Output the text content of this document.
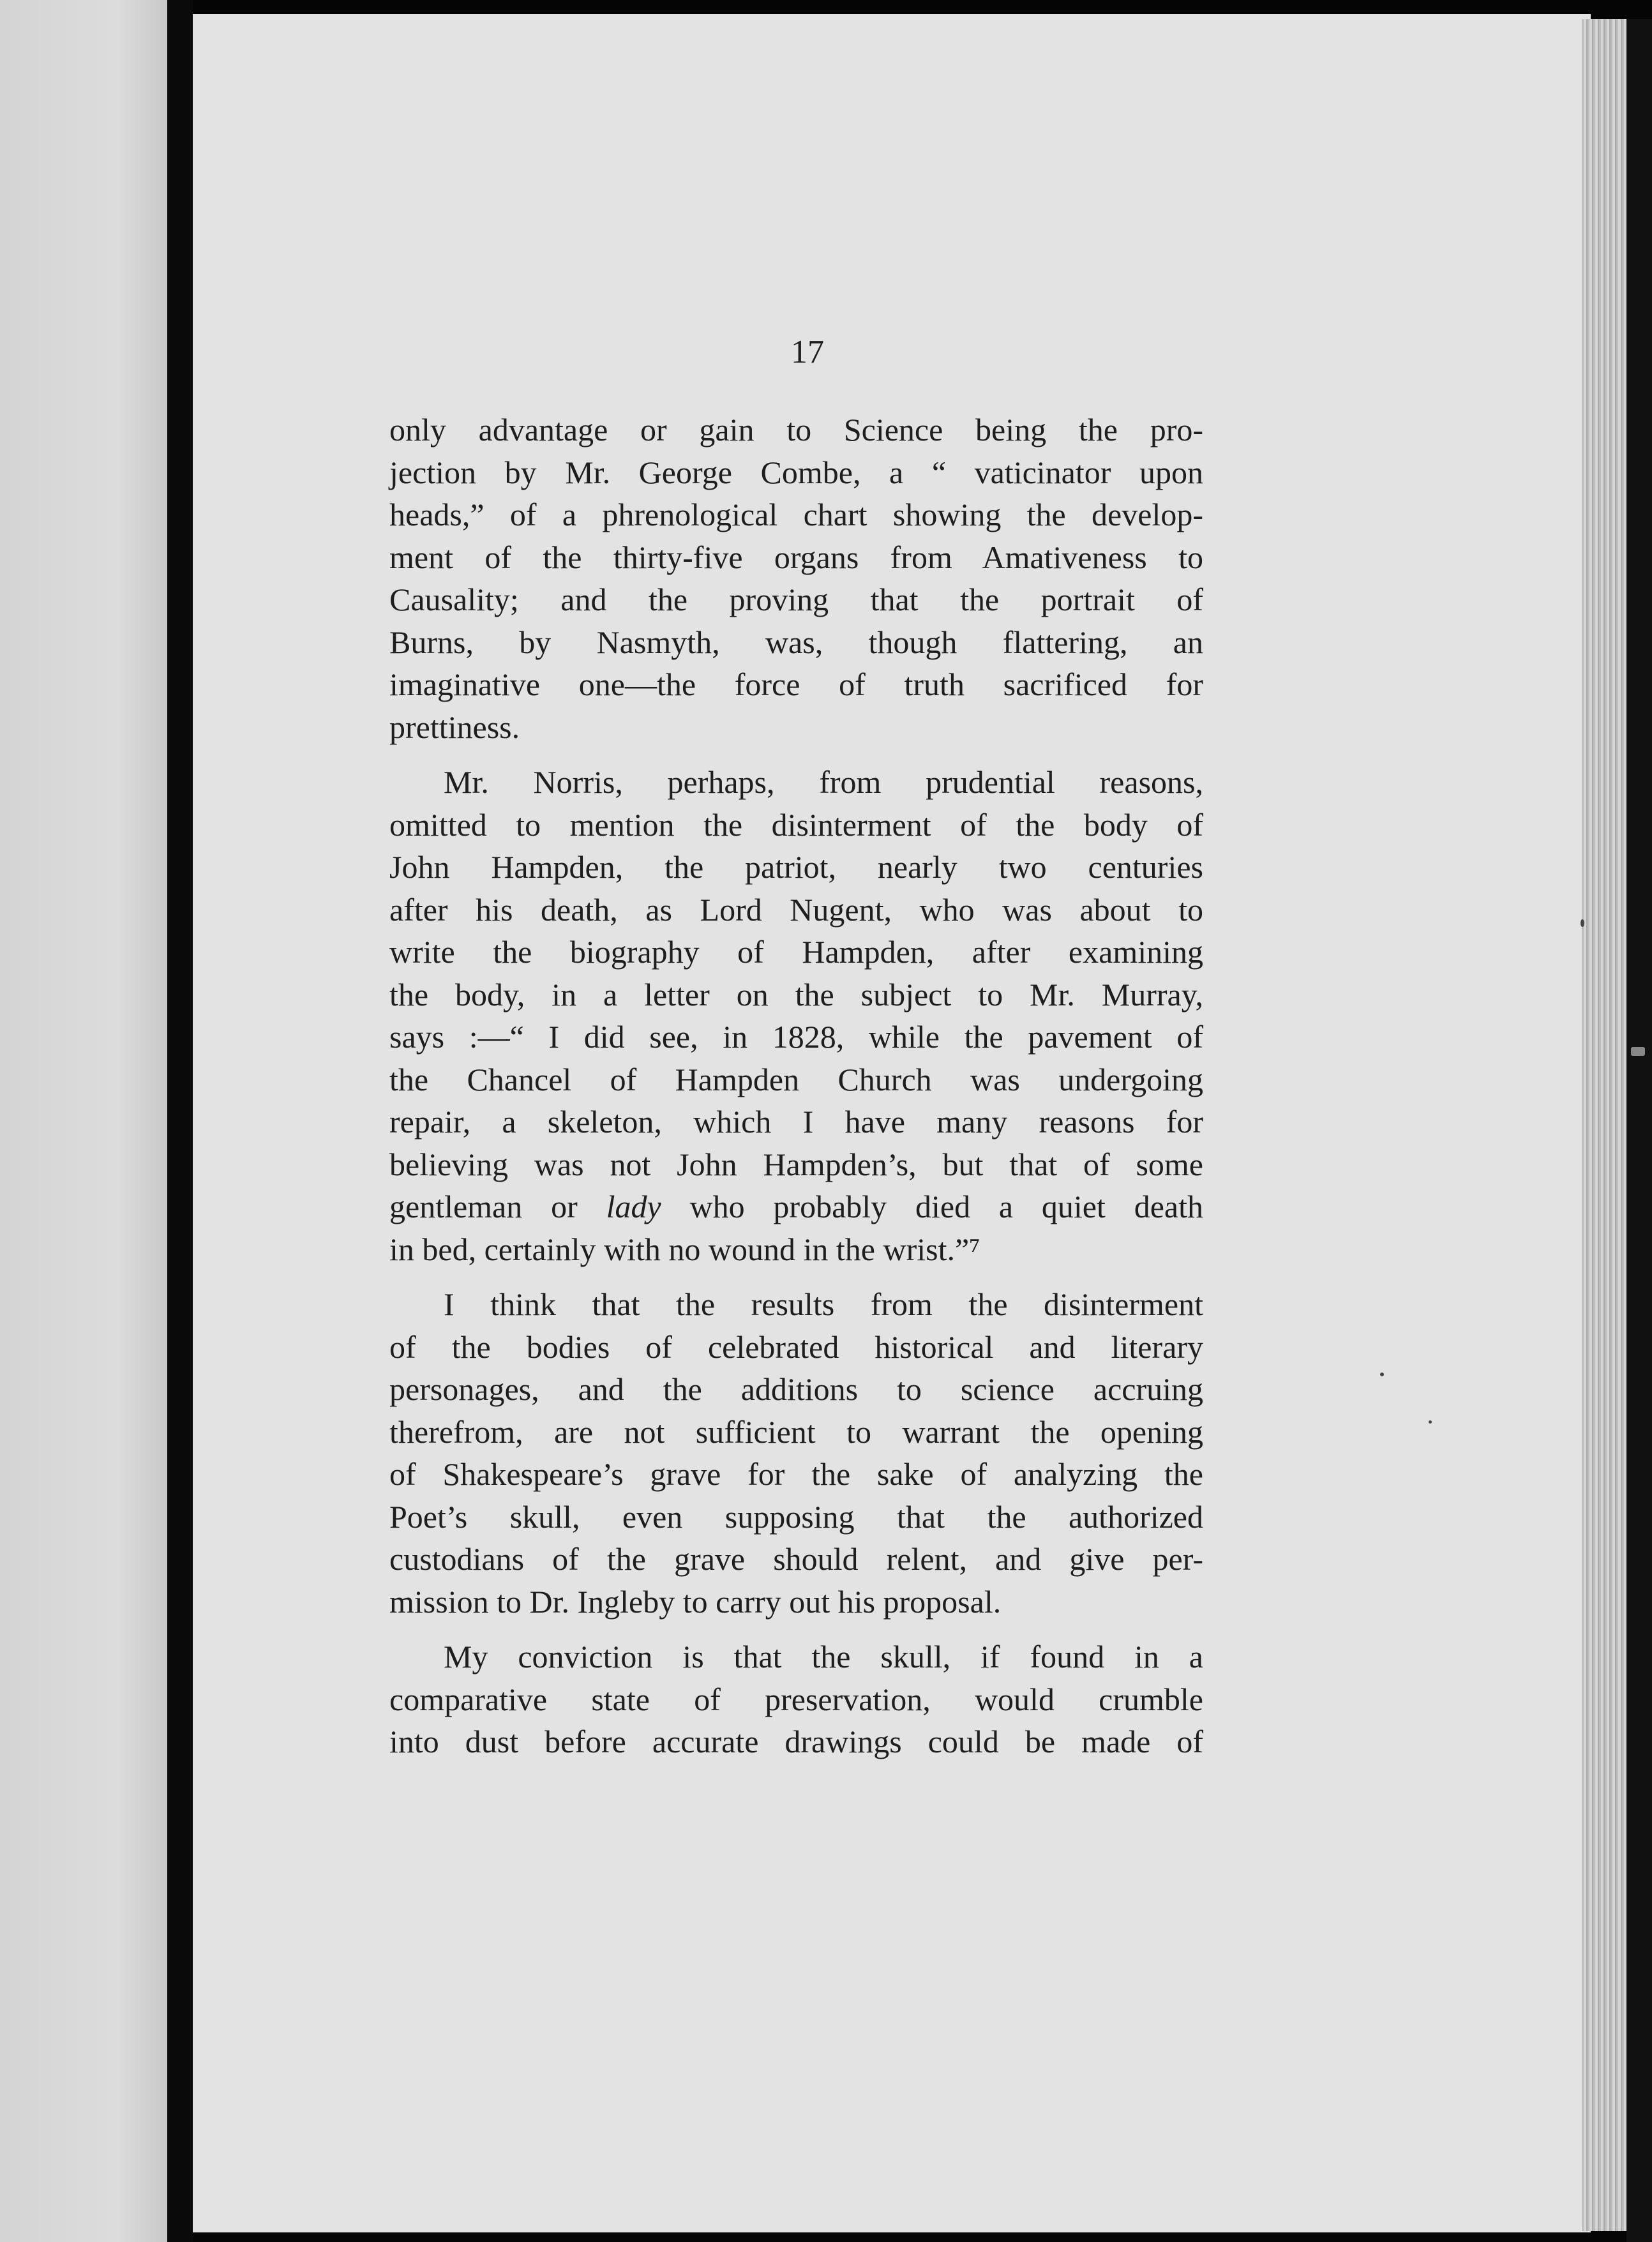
17
only advantage or gain to Science being the pro-
jection by Mr. George Combe, a “ vaticinator upon
heads,” of a phrenological chart showing the develop-
ment of the thirty-five organs from Amativeness to
Causality; and the proving that the portrait of
Burns, by Nasmyth, was, though flattering, an
imaginative one—the force of truth sacrificed for
prettiness.
Mr. Norris, perhaps, from prudential reasons,
omitted to mention the disinterment of the body of
John Hampden, the patriot, nearly two centuries
after his death, as Lord Nugent, who was about to
write the biography of Hampden, after examining
the body, in a letter on the subject to Mr. Murray,
says :—“ I did see, in 1828, while the pavement of
the Chancel of Hampden Church was undergoing
repair, a skeleton, which I have many reasons for
believing was not John Hampden’s, but that of some
gentleman or lady who probably died a quiet death
in bed, certainly with no wound in the wrist.”⁷
I think that the results from the disinterment
of the bodies of celebrated historical and literary
personages, and the additions to science accruing
therefrom, are not sufficient to warrant the opening
of Shakespeare’s grave for the sake of analyzing the
Poet’s skull, even supposing that the authorized
custodians of the grave should relent, and give per-
mission to Dr. Ingleby to carry out his proposal.
My conviction is that the skull, if found in a
comparative state of preservation, would crumble
into dust before accurate drawings could be made of
